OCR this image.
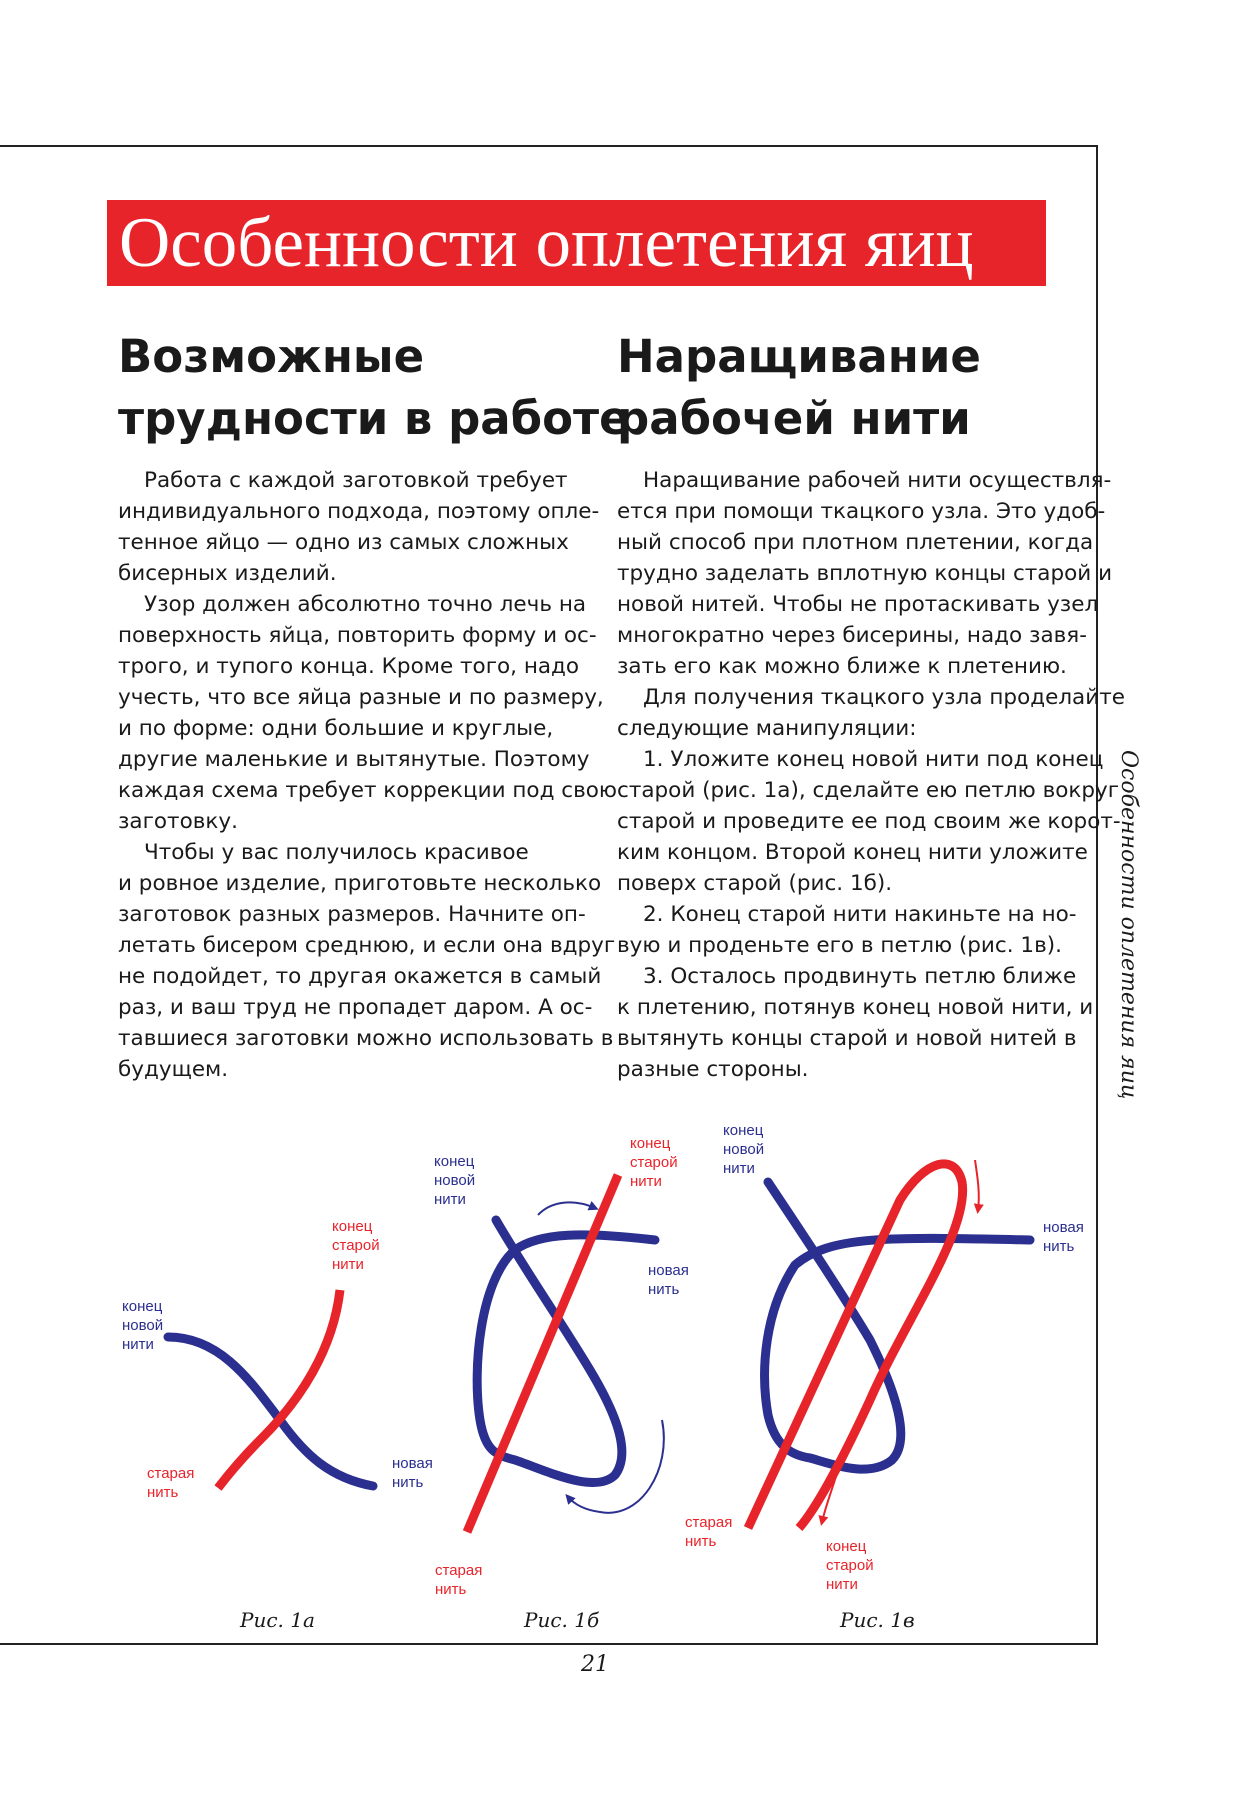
Особенности оплетения яиц
Возможные
трудности в работе
Наращивание
рабочей нити
Работа с каждой заготовкой требует
индивидуального подхода, поэтому опле-
тенное яйцо — одно из самых сложных
бисерных изделий.
Узор должен абсолютно точно лечь на
поверхность яйца, повторить форму и ос-
трого, и тупого конца. Кроме того, надо
учесть, что все яйца разные и по размеру,
и по форме: одни большие и круглые,
другие маленькие и вытянутые. Поэтому
каждая схема требует коррекции под свою
заготовку.
Чтобы у вас получилось красивое
и ровное изделие, приготовьте несколько
заготовок разных размеров. Начните оп-
летать бисером среднюю, и если она вдруг
не подойдет, то другая окажется в самый
раз, и ваш труд не пропадет даром. А ос-
тавшиеся заготовки можно использовать в
будущем.
Наращивание рабочей нити осуществля-
ется при помощи ткацкого узла. Это удоб-
ный способ при плотном плетении, когда
трудно заделать вплотную концы старой и
новой нитей. Чтобы не протаскивать узел
многократно через бисерины, надо завя-
зать его как можно ближе к плетению.
Для получения ткацкого узла проделайте
следующие манипуляции:
1. Уложите конец новой нити под конец
старой (рис. 1а), сделайте ею петлю вокруг
старой и проведите ее под своим же корот-
ким концом. Второй конец нити уложите
поверх старой (рис. 1б).
2. Конец старой нити накиньте на но-
вую и проденьте его в петлю (рис. 1в).
3. Осталось продвинуть петлю ближе
к плетению, потянув конец новой нити, и
вытянуть концы старой и новой нитей в
разные стороны.	Особенности оплетения яиц
конец новой нити
конец старой нити
старая нить
новая нить
конец новой нити
конец старой нити
новая нить
старая нить
конец новой нити
новая нить
старая нить	конец старой нити
Рис. 1а	Рис. 1б	Рис. 1в
21
